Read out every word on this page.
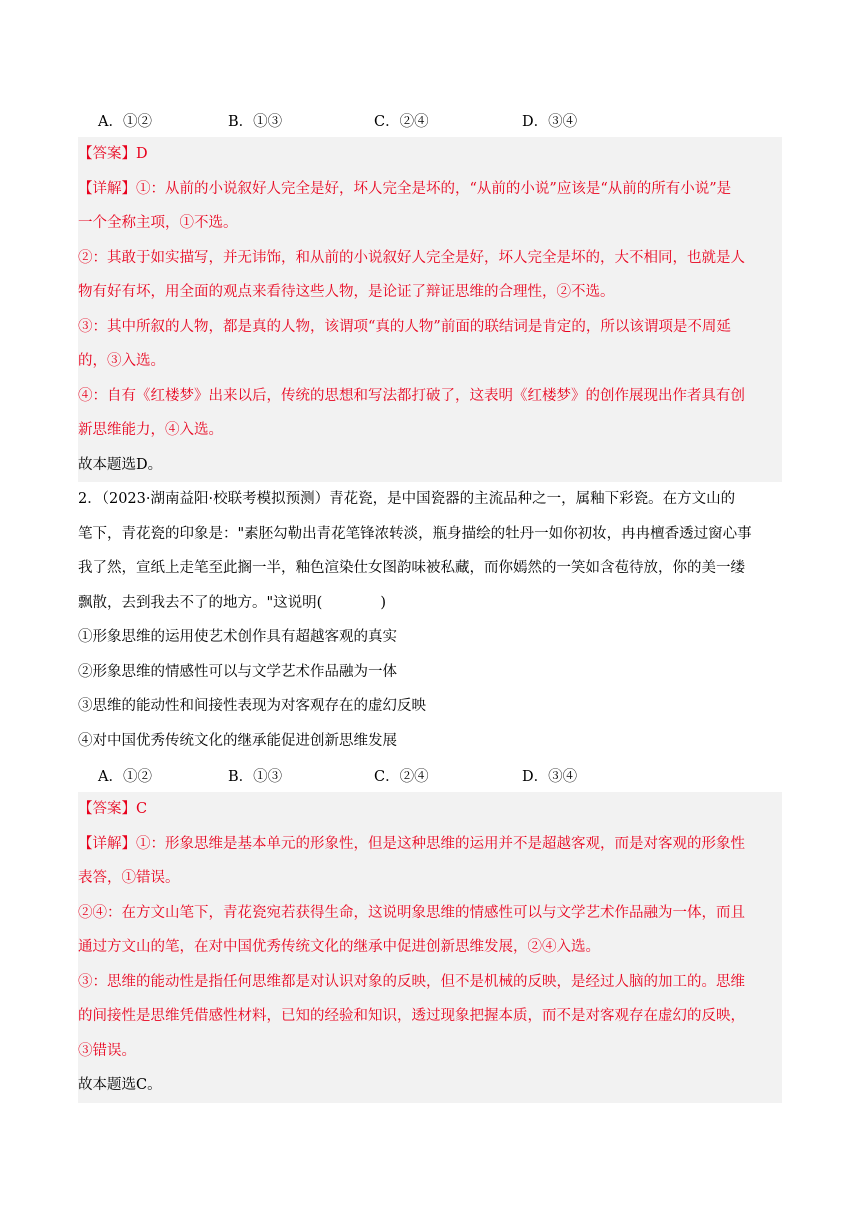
A．①②	B．①③	C．②④	D．③④

【答案】D

【详解】①：从前的小说叙好人完全是好，坏人完全是坏的，“从前的小说”应该是“从前的所有小说”是

一个全称主项，①不选。

②：其敢于如实描写，并无讳饰，和从前的小说叙好人完全是好，坏人完全是坏的，大不相同，也就是人

物有好有坏，用全面的观点来看待这些人物，是论证了辩证思维的合理性，②不选。

③：其中所叙的人物，都是真的人物，该谓项“真的人物”前面的联结词是肯定的，所以该谓项是不周延

的，③入选。

④：自有《红楼梦》出来以后，传统的思想和写法都打破了，这表明《红楼梦》的创作展现出作者具有创

新思维能力，④入选。

故本题选D。

2．（2023·湖南益阳·校联考模拟预测）青花瓷，是中国瓷器的主流品种之一，属釉下彩瓷。在方文山的

笔下，青花瓷的印象是："素胚勾勒出青花笔锋浓转淡，瓶身描绘的牡丹一如你初妆，冉冉檀香透过窗心事

我了然，宣纸上走笔至此搁一半，釉色渲染仕女图韵味被私藏，而你嫣然的一笑如含苞待放，你的美一缕

飘散，去到我去不了的地方。"这说明(　　　　)

①形象思维的运用使艺术创作具有超越客观的真实

②形象思维的情感性可以与文学艺术作品融为一体

③思维的能动性和间接性表现为对客观存在的虚幻反映

④对中国优秀传统文化的继承能促进创新思维发展

A．①②	B．①③	C．②④	D．③④

【答案】C

【详解】①：形象思维是基本单元的形象性，但是这种思维的运用并不是超越客观，而是对客观的形象性

表答，①错误。

②④：在方文山笔下，青花瓷宛若获得生命，这说明象思维的情感性可以与文学艺术作品融为一体，而且

通过方文山的笔，在对中国优秀传统文化的继承中促进创新思维发展，②④入选。

③：思维的能动性是指任何思维都是对认识对象的反映，但不是机械的反映，是经过人脑的加工的。思维

的间接性是思维凭借感性材料，已知的经验和知识，透过现象把握本质，而不是对客观存在虚幻的反映，

③错误。

故本题选C。
